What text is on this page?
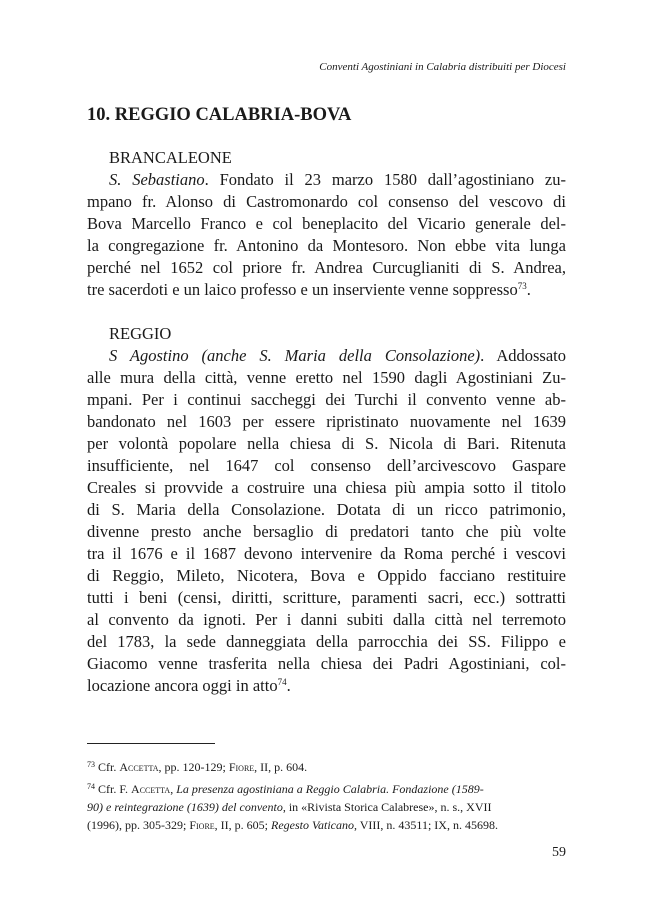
Conventi Agostiniani in Calabria distribuiti per Diocesi
10. REGGIO CALABRIA-BOVA

BRANCALEONE

S. Sebastiano. Fondato il 23 marzo 1580 dall’agostiniano zu-
mpano fr. Alonso di Castromonardo col consenso del vescovo di
Bova Marcello Franco e col beneplacito del Vicario generale del-
la congregazione fr. Antonino da Montesoro. Non ebbe vita lunga
perché nel 1652 col priore fr. Andrea Curcuglianiti di S. Andrea,
tre sacerdoti e un laico professo e un inserviente venne soppresso$^{73}$.

REGGIO

S Agostino (anche S. Maria della Consolazione). Addossato
alle mura della città, venne eretto nel 1590 dagli Agostiniani Zu-
mpani. Per i continui saccheggi dei Turchi il convento venne ab-
bandonato nel 1603 per essere ripristinato nuovamente nel 1639
per volontà popolare nella chiesa di S. Nicola di Bari. Ritenuta
insufficiente, nel 1647 col consenso dell’arcivescovo Gaspare
Creales si provvide a costruire una chiesa più ampia sotto il titolo
di S. Maria della Consolazione. Dotata di un ricco patrimonio,
divenne presto anche bersaglio di predatori tanto che più volte
tra il 1676 e il 1687 devono intervenire da Roma perché i vescovi
di Reggio, Mileto, Nicotera, Bova e Oppido facciano restituire
tutti i beni (censi, diritti, scritture, paramenti sacri, ecc.) sottratti
al convento da ignoti. Per i danni subiti dalla città nel terremoto
del 1783, la sede danneggiata della parrocchia dei SS. Filippo e
Giacomo venne trasferita nella chiesa dei Padri Agostiniani, col-
locazione ancora oggi in atto$^{74}$.

$^{73}$ Cfr. Accetta, pp. 120-129; Fiore, II, p. 604.

$^{74}$ Cfr. F. Accetta, La presenza agostiniana a Reggio Calabria. Fondazione (1589-
90) e reintegrazione (1639) del convento, in «Rivista Storica Calabrese», n. s., XVII
(1996), pp. 305-329; Fiore, II, p. 605; Regesto Vaticano, VIII, n. 43511; IX, n. 45698.

59
